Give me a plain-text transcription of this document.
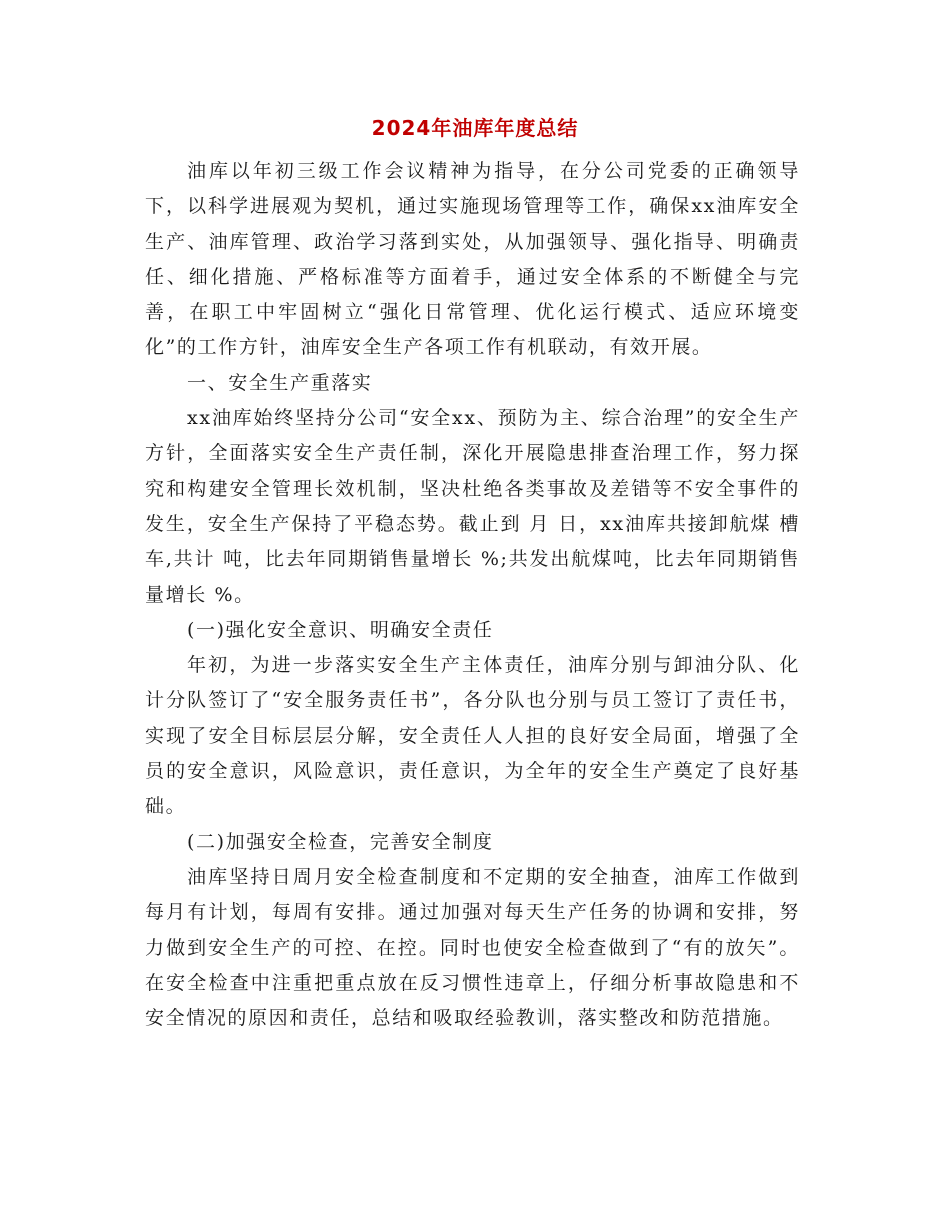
2024年油库年度总结

油库以年初三级工作会议精神为指导，在分公司党委的正确领导下，以科学进展观为契机，通过实施现场管理等工作，确保xx油库安全生产、油库管理、政治学习落到实处，从加强领导、强化指导、明确责任、细化措施、严格标准等方面着手，通过安全体系的不断健全与完善，在职工中牢固树立“强化日常管理、优化运行模式、适应环境变化”的工作方针，油库安全生产各项工作有机联动，有效开展。

一、安全生产重落实

xx油库始终坚持分公司“安全xx、预防为主、综合治理”的安全生产方针，全面落实安全生产责任制，深化开展隐患排查治理工作，努力探究和构建安全管理长效机制，坚决杜绝各类事故及差错等不安全事件的发生，安全生产保持了平稳态势。截止到 月 日，xx油库共接卸航煤 槽车,共计 吨，比去年同期销售量增长 %;共发出航煤吨，比去年同期销售量增长 %。

(一)强化安全意识、明确安全责任

年初，为进一步落实安全生产主体责任，油库分别与卸油分队、化计分队签订了“安全服务责任书”，各分队也分别与员工签订了责任书，实现了安全目标层层分解，安全责任人人担的良好安全局面，增强了全员的安全意识，风险意识，责任意识，为全年的安全生产奠定了良好基础。

(二)加强安全检查，完善安全制度

油库坚持日周月安全检查制度和不定期的安全抽查，油库工作做到每月有计划，每周有安排。通过加强对每天生产任务的协调和安排，努力做到安全生产的可控、在控。同时也使安全检查做到了“有的放矢”。在安全检查中注重把重点放在反习惯性违章上，仔细分析事故隐患和不安全情况的原因和责任，总结和吸取经验教训，落实整改和防范措施。
